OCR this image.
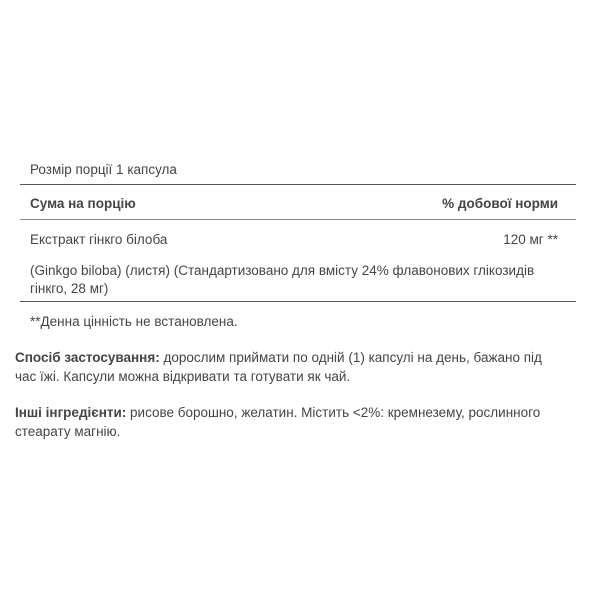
Розмір порції 1 капсула
Сума на порцію	% добової норми
Екстракт гінкго білоба	120 мг **
(Ginkgo biloba) (листя) (Стандартизовано для вмісту 24% флавонових глікозидів гінкго, 28 мг)
**Денна цінність не встановлена.
Спосіб застосування: дорослим приймати по одній (1) капсулі на день, бажано під час їжі. Капсули можна відкривати та готувати як чай.
Інші інгредієнти: рисове борошно, желатин. Містить <2%: кремнезему, рослинного стеарату магнію.
